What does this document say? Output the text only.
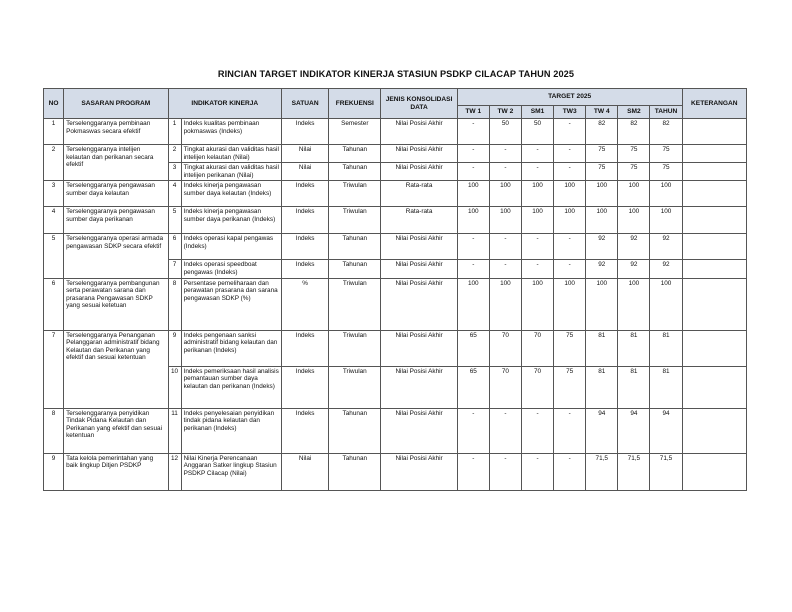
RINCIAN TARGET INDIKATOR KINERJA STASIUN PSDKP CILACAP TAHUN 2025
NO	SASARAN PROGRAM	INDIKATOR KINERJA		SATUAN	FREKUENSI	JENIS KONSOLIDASI DATA	TARGET 2025							KETERANGAN
							TW 1	TW 2	SM1	TW3	TW 4	SM2	TAHUN	
1	Terselenggaranya pembinaan Pokmaswas secara efektif	1	Indeks kualitas pembinaan pokmaswas (Indeks)	Indeks	Semester	Nilai Posisi Akhir	-	50	50	-	82	82	82	
2	Terselenggaranya intelijen kelautan dan perikanan secara efektif	2	Tingkat akurasi dan validitas hasil intelijen kelautan (Nilai)	Nilai	Tahunan	Nilai Posisi Akhir	-	-	-	-	75	75	75	
		3	Tingkat akurasi dan validitas hasil intelijen perikanan (Nilai)	Nilai	Tahunan	Nilai Posisi Akhir	-	-	-	-	75	75	75	
3	Terselenggaranya pengawasan sumber daya kelautan	4	Indeks kinerja pengawasan sumber daya kelautan (Indeks)	Indeks	Triwulan	Rata-rata	100	100	100	100	100	100	100	
4	Terselenggaranya pengawasan sumber daya perikanan	5	Indeks kinerja pengawasan sumber daya perikanan (Indeks)	Indeks	Triwulan	Rata-rata	100	100	100	100	100	100	100	
5	Terselenggaranya operasi armada pengawasan SDKP secara efektif	6	Indeks operasi kapal pengawas (Indeks)	Indeks	Tahunan	Nilai Posisi Akhir	-	-	-	-	92	92	92	
		7	Indeks operasi speedboat pengawas (Indeks)	Indeks	Tahunan	Nilai Posisi Akhir	-	-	-	-	92	92	92	
6	Terselenggaranya pembangunan serta perawatan sarana dan prasarana Pengawasan SDKP yang sesuai ketetuan	8	Persentase pemeliharaan dan perawatan prasarana dan sarana pengawasan SDKP (%)	%	Triwulan	Nilai Posisi Akhir	100	100	100	100	100	100	100	
7	Terselenggaranya Penanganan Pelanggaran administratif bidang Kelautan dan Perikanan yang efektif dan sesuai ketentuan	9	Indeks pengenaan sanksi administratif bidang kelautan dan perikanan (Indeks)	Indeks	Triwulan	Nilai Posisi Akhir	65	70	70	75	81	81	81	
		10	Indeks pemeriksaan hasil analisis pemantauan sumber daya kelautan dan perikanan (Indeks)	Indeks	Triwulan	Nilai Posisi Akhir	65	70	70	75	81	81	81	
8	Terselenggaranya penyidikan Tindak Pidana Kelautan dan Perikanan yang efektif dan sesuai ketentuan	11	Indeks penyelesaian penyidikan tindak pidana kelautan dan perikanan (Indeks)	Indeks	Tahunan	Nilai Posisi Akhir	-	-	-	-	94	94	94	
9	Tata kelola pemerintahan yang baik lingkup Ditjen PSDKP	12	Nilai Kinerja Perencanaan Anggaran Satker lingkup Stasiun PSDKP Cilacap (Nilai)	Nilai	Tahunan	Nilai Posisi Akhir	-	-	-	-	71,5	71,5	71,5	
